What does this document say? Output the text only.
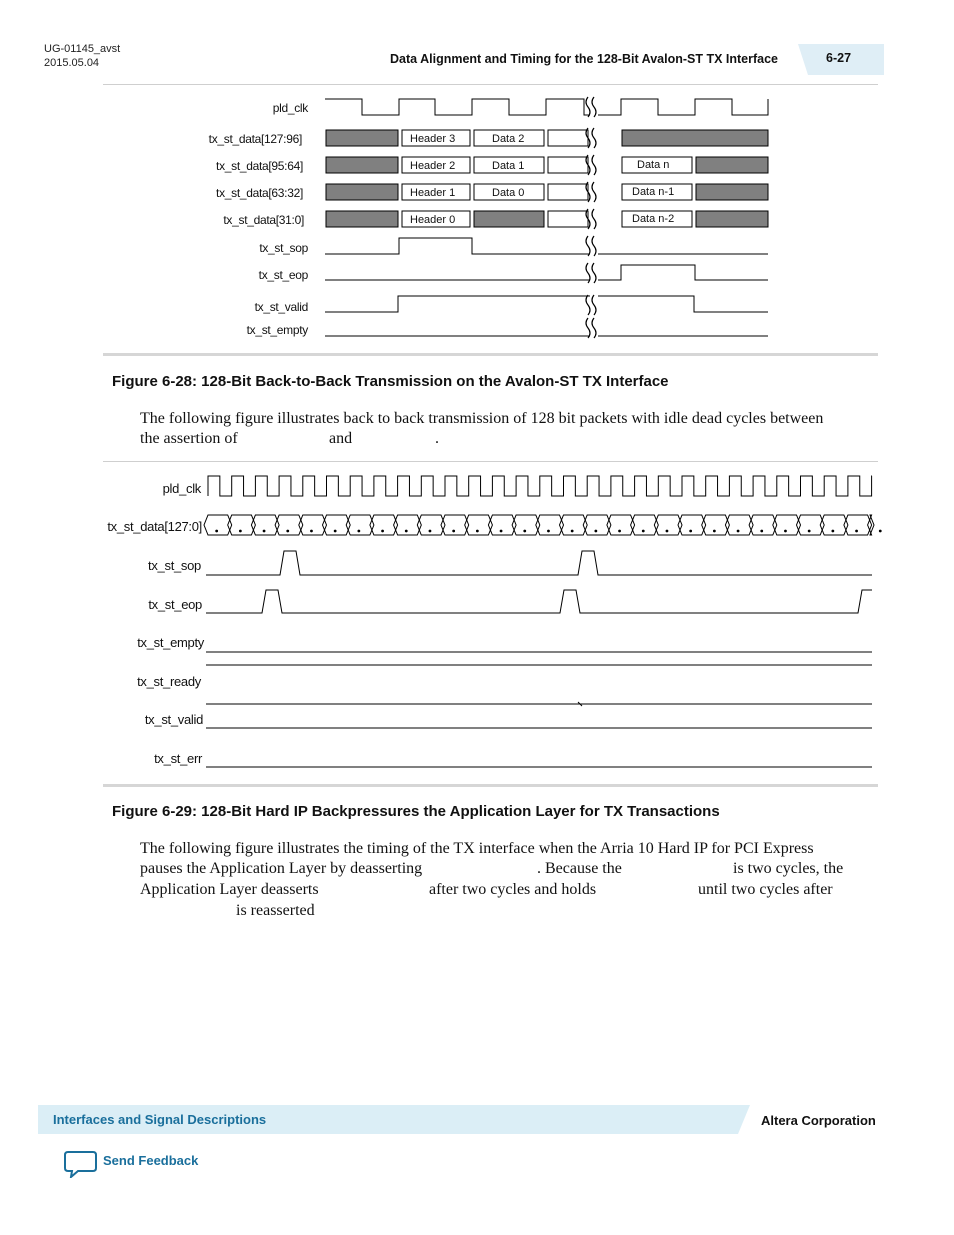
UG-01145_avst
2015.05.04	Data Alignment and Timing for the 128-Bit Avalon-ST TX Interface	6-27
pld_clk
tx_st_data[127:96]
tx_st_data[95:64]
tx_st_data[63:32]
tx_st_data[31:0]
tx_st_sop
tx_st_eop
tx_st_valid
tx_st_empty
Header 3	Data 2
Header 2	Data 1	Data n
Header 1	Data 0	Data n-1
Header 0	Data n-2
Figure 6-28: 128-Bit Back-to-Back Transmission on the Avalon-ST TX Interface
The following figure illustrates back to back transmission of 128 bit packets with idle dead cycles between
the assertion of	and	.
pld_clk
tx_st_data[127:0]
tx_st_sop
tx_st_eop
tx_st_empty
tx_st_ready
tx_st_valid
tx_st_err
Figure 6-29: 128-Bit Hard IP Backpressures the Application Layer for TX Transactions
The following figure illustrates the timing of the TX interface when the Arria 10 Hard IP for PCI Express
pauses the Application Layer by deasserting	. Because the	is two cycles, the
Application Layer deasserts	after two cycles and holds	until two cycles after
is reasserted
Interfaces and Signal Descriptions	Altera Corporation
Send Feedback
